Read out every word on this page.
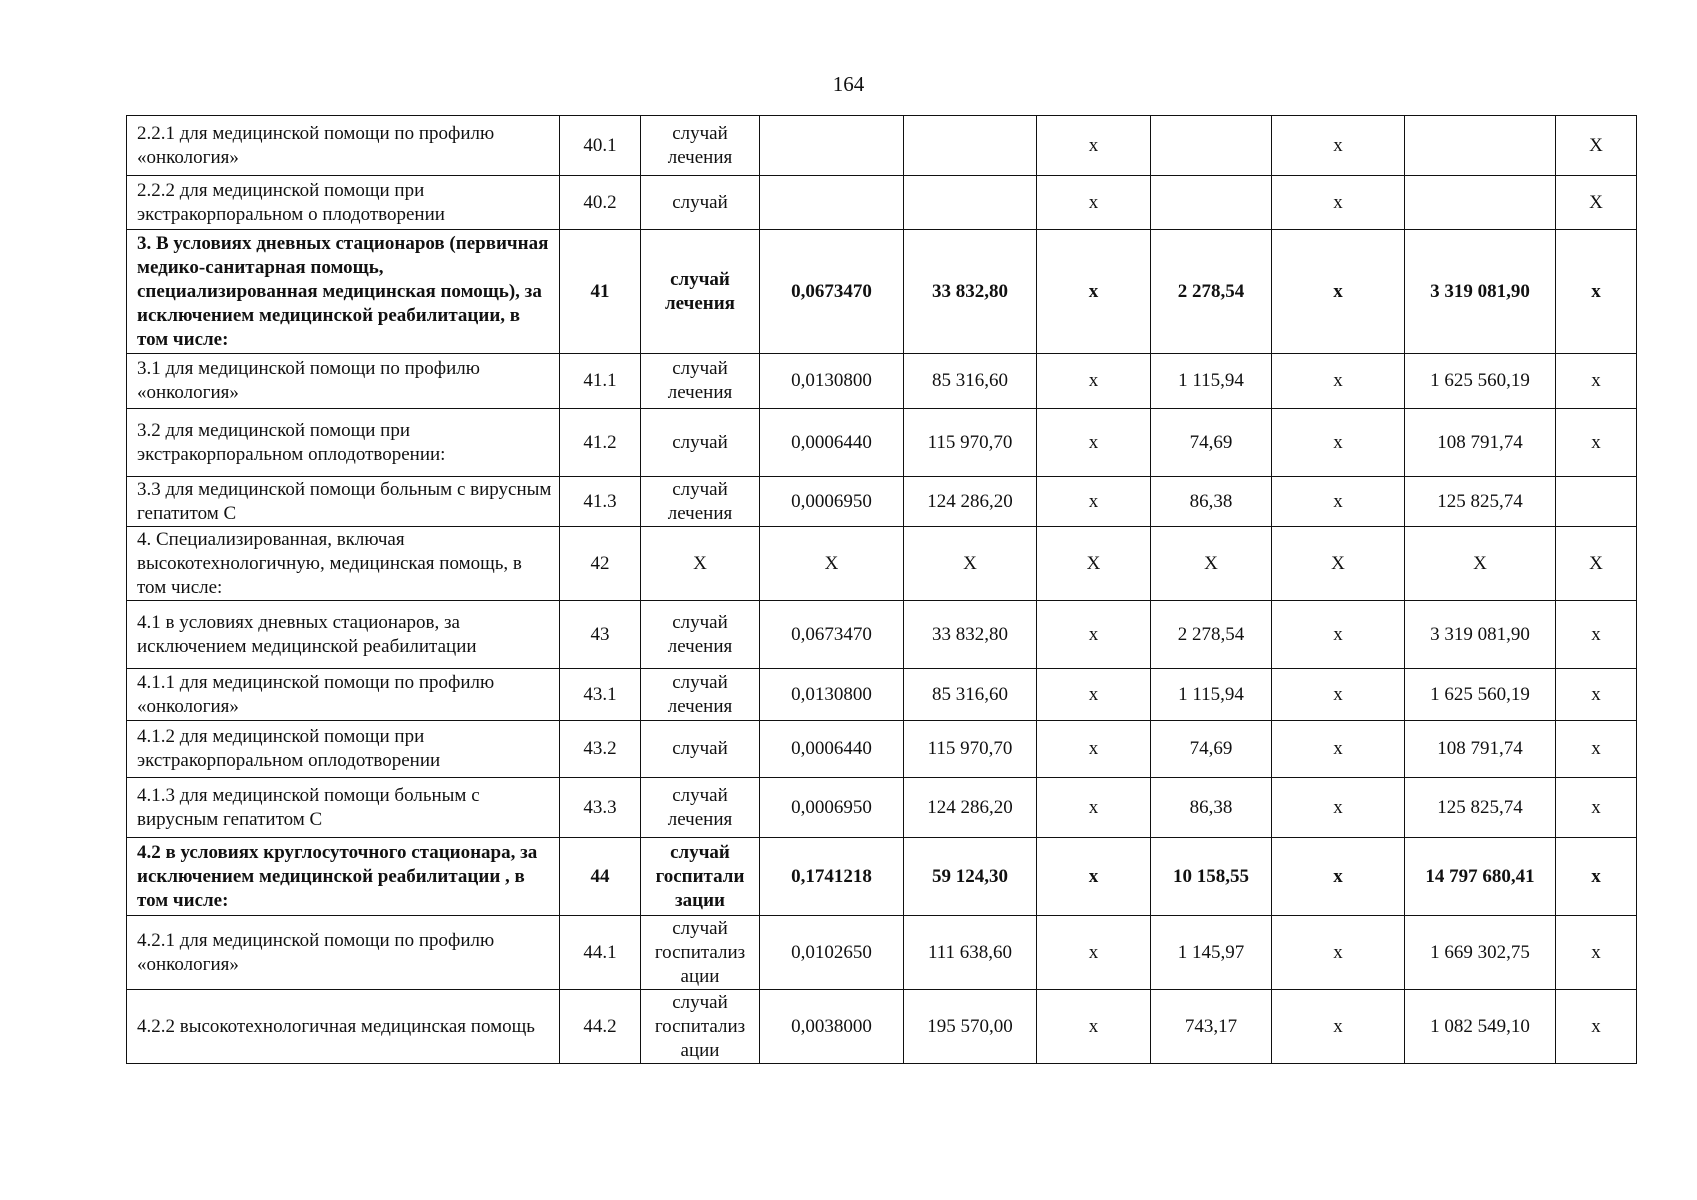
164
2.2.1 для медицинской помощи по профилю «онкология»	40.1	случай лечения			х		х		Х
2.2.2 для медицинской помощи при экстракорпоральном о плодотворении	40.2	случай			х		х		Х
3. В условиях дневных стационаров (первичная медико-санитарная помощь, специализированная медицинская помощь), за исключением медицинской реабилитации, в том числе:	41	случай лечения	0,0673470	33 832,80	х	2 278,54	х	3 319 081,90	х
3.1 для медицинской помощи по профилю «онкология»	41.1	случай лечения	0,0130800	85 316,60	х	1 115,94	х	1 625 560,19	х
3.2 для медицинской помощи при экстракорпоральном оплодотворении:	41.2	случай	0,0006440	115 970,70	х	74,69	х	108 791,74	х
3.3 для медицинской помощи больным с вирусным гепатитом С	41.3	случай лечения	0,0006950	124 286,20	х	86,38	х	125 825,74	
4. Специализированная, включая высокотехнологичную, медицинская помощь, в том числе:	42	Х	Х	Х	Х	Х	Х	Х	Х
4.1 в условиях дневных стационаров, за исключением медицинской реабилитации	43	случай лечения	0,0673470	33 832,80	х	2 278,54	х	3 319 081,90	х
4.1.1 для медицинской помощи по профилю «онкология»	43.1	случай лечения	0,0130800	85 316,60	х	1 115,94	х	1 625 560,19	х
4.1.2 для медицинской помощи при экстракорпоральном оплодотворении	43.2	случай	0,0006440	115 970,70	х	74,69	х	108 791,74	х
4.1.3 для медицинской помощи больным с вирусным гепатитом С	43.3	случай лечения	0,0006950	124 286,20	х	86,38	х	125 825,74	х
4.2 в условиях круглосуточного стационара, за исключением медицинской реабилитации , в том числе:	44	случай госпитали зации	0,1741218	59 124,30	х	10 158,55	х	14 797 680,41	х
4.2.1 для медицинской помощи по профилю «онкология»	44.1	случай госпитализ ации	0,0102650	111 638,60	х	1 145,97	х	1 669 302,75	х
4.2.2 высокотехнологичная медицинская помощь	44.2	случай госпитализ ации	0,0038000	195 570,00	х	743,17	х	1 082 549,10	х
